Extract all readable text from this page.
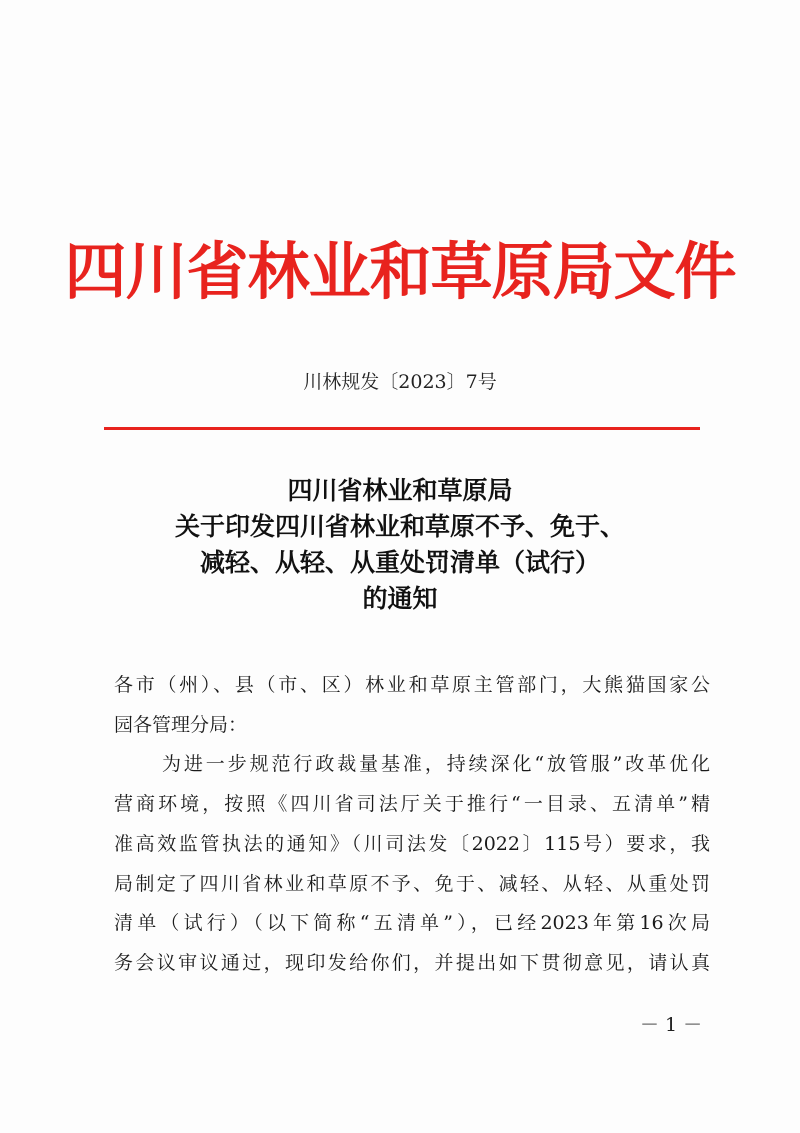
四川省林业和草原局文件
川林规发〔2023〕7号
四川省林业和草原局
关于印发四川省林业和草原不予、免于、
减轻、从轻、从重处罚清单（试行）
的通知
各市（州）、县（市、区）林业和草原主管部门，大熊猫国家公
园各管理分局：
为进一步规范行政裁量基准，持续深化“放管服”改革优化
营商环境，按照《四川省司法厅关于推行“一目录、五清单”精
准高效监管执法的通知》（川司法发〔2022〕115号）要求，我
局制定了四川省林业和草原不予、免于、减轻、从轻、从重处罚
清单（试行）（以下简称“五清单”），已经2023年第16次局
务会议审议通过，现印发给你们，并提出如下贯彻意见，请认真
－ 1 －
